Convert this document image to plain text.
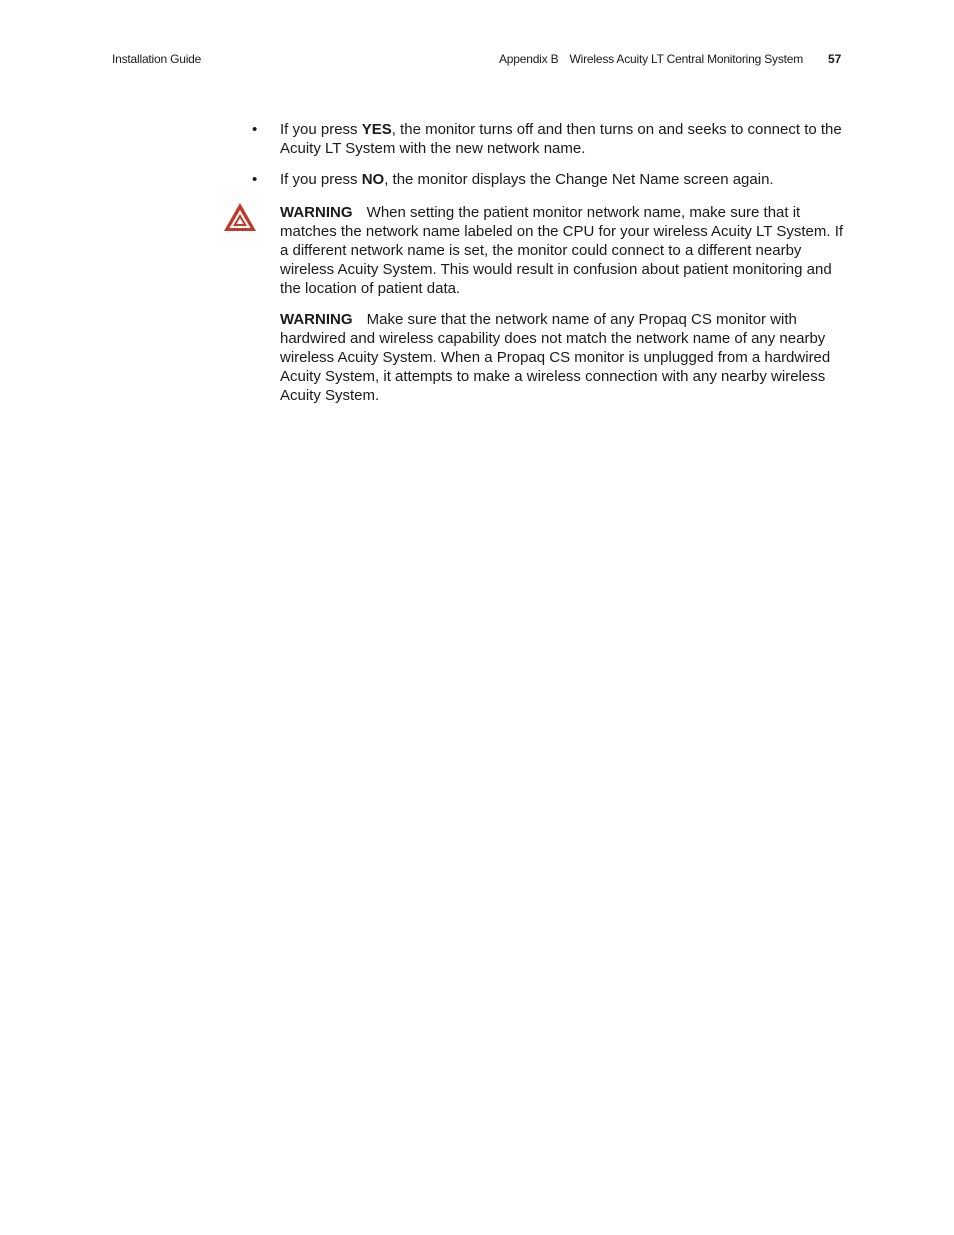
Installation Guide	Appendix B Wireless Acuity LT Central Monitoring System 57
• If you press YES, the monitor turns off and then turns on and seeks to connect to the Acuity LT System with the new network name.
• If you press NO, the monitor displays the Change Net Name screen again.

WARNING When setting the patient monitor network name, make sure that it matches the network name labeled on the CPU for your wireless Acuity LT System. If a different network name is set, the monitor could connect to a different nearby wireless Acuity System. This would result in confusion about patient monitoring and the location of patient data.

WARNING Make sure that the network name of any Propaq CS monitor with hardwired and wireless capability does not match the network name of any nearby wireless Acuity System. When a Propaq CS monitor is unplugged from a hardwired Acuity System, it attempts to make a wireless connection with any nearby wireless Acuity System.
